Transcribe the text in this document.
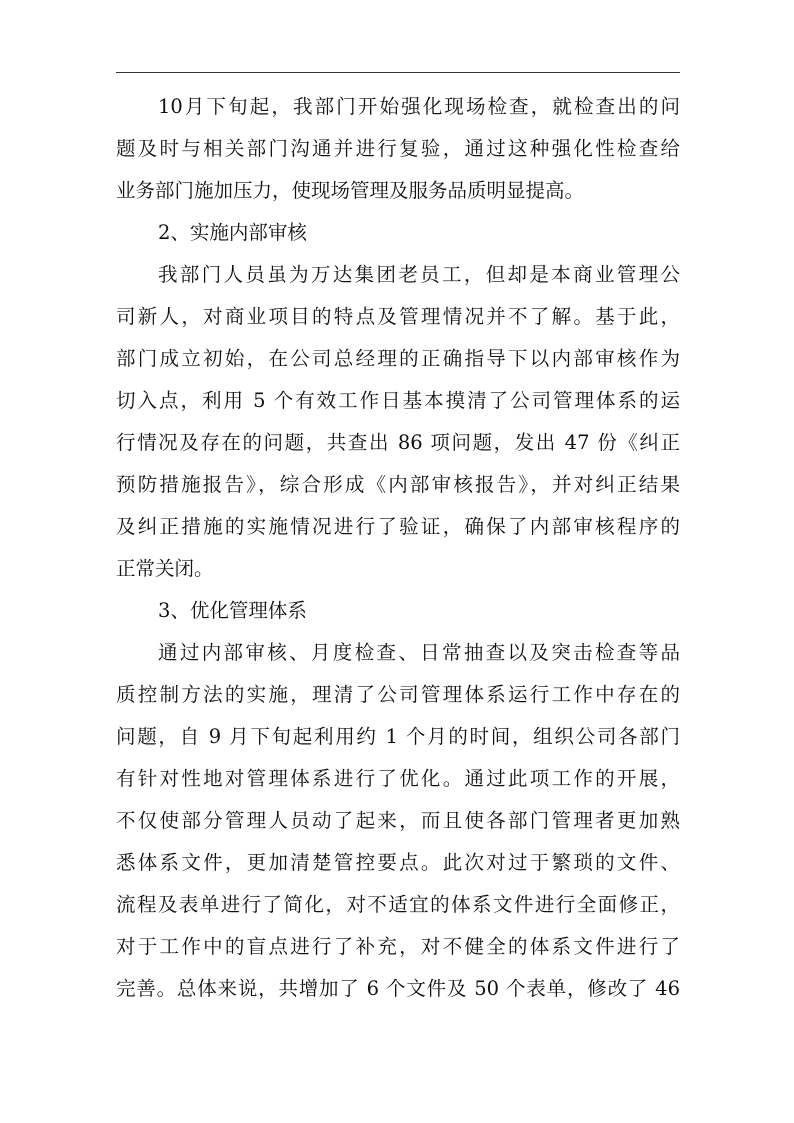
10月下旬起，我部门开始强化现场检查，就检查出的问
题及时与相关部门沟通并进行复验，通过这种强化性检查给
业务部门施加压力，使现场管理及服务品质明显提高。
2、实施内部审核
我部门人员虽为万达集团老员工，但却是本商业管理公
司新人，对商业项目的特点及管理情况并不了解。基于此，
部门成立初始，在公司总经理的正确指导下以内部审核作为
切入点，利用 5 个有效工作日基本摸清了公司管理体系的运
行情况及存在的问题，共查出 86 项问题，发出 47 份《纠正
预防措施报告》，综合形成《内部审核报告》，并对纠正结果
及纠正措施的实施情况进行了验证，确保了内部审核程序的
正常关闭。
3、优化管理体系
通过内部审核、月度检查、日常抽查以及突击检查等品
质控制方法的实施，理清了公司管理体系运行工作中存在的
问题，自 9 月下旬起利用约 1 个月的时间，组织公司各部门
有针对性地对管理体系进行了优化。通过此项工作的开展，
不仅使部分管理人员动了起来，而且使各部门管理者更加熟
悉体系文件，更加清楚管控要点。此次对过于繁琐的文件、
流程及表单进行了简化，对不适宜的体系文件进行全面修正，
对于工作中的盲点进行了补充，对不健全的体系文件进行了
完善。总体来说，共增加了 6 个文件及 50 个表单，修改了 46
